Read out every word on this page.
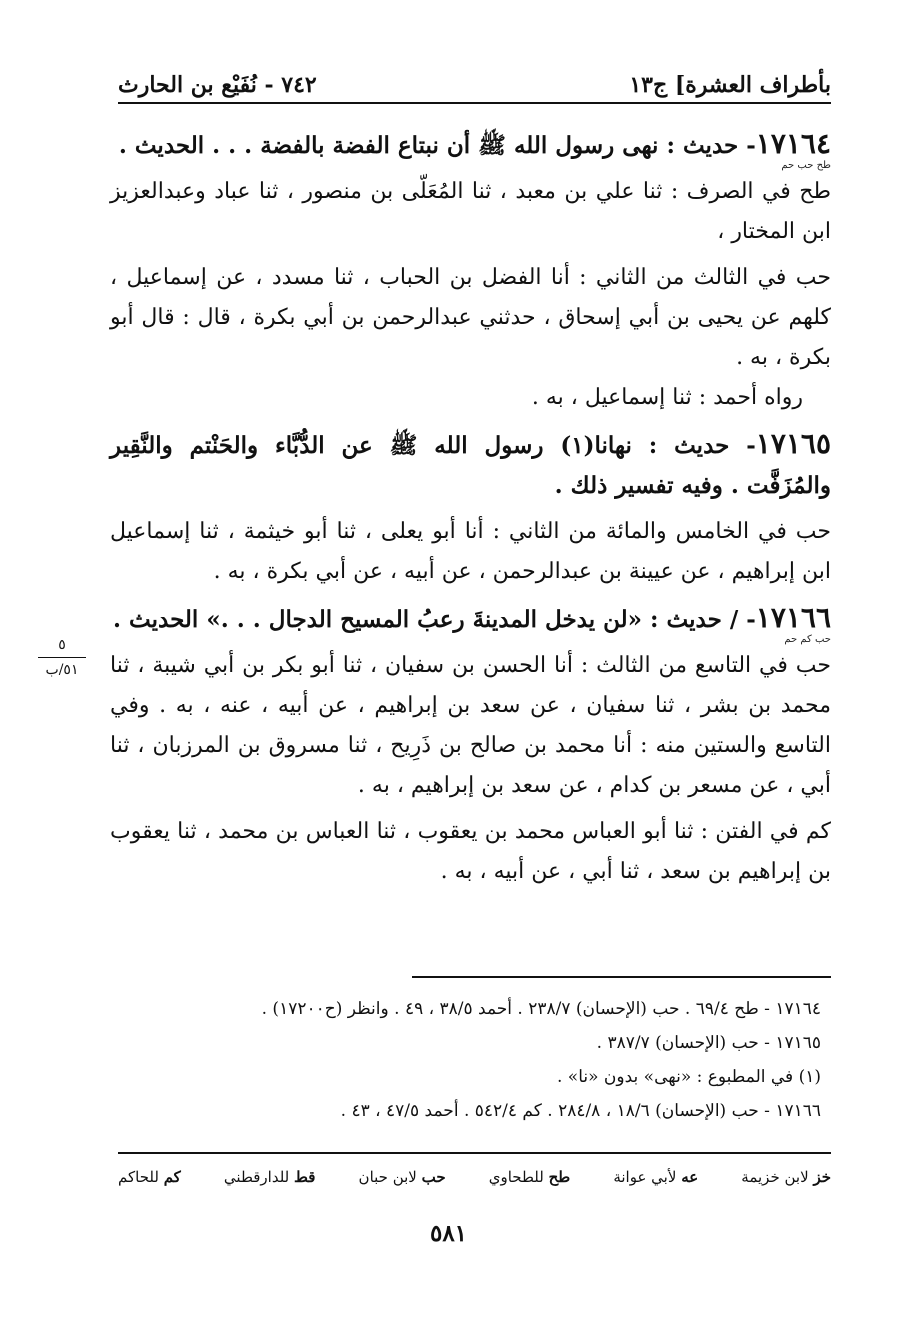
بأطراف العشرة] ج١٣
٧٤٢ - نُفَيْع بن الحارث
١٧١٦٤- حديث : نهى رسول الله ﷺ أن نبتاع الفضة بالفضة . . . الحديث .
طح حب حم

طح في الصرف : ثنا علي بن معبد ، ثنا المُعَلّى بن منصور ، ثنا عباد وعبدالعزيز ابن المختار ،

حب في الثالث من الثاني : أنا الفضل بن الحباب ، ثنا مسدد ، عن إسماعيل ، كلهم عن يحيى بن أبي إسحاق ، حدثني عبدالرحمن بن أبي بكرة ، قال : قال أبو بكرة ، به .

رواه أحمد : ثنا إسماعيل ، به .

١٧١٦٥- حديث : نهانا(١) رسول الله ﷺ عن الدُّبَّاء والحَنْتم والنَّقِير والمُزَفَّت . وفيه تفسير ذلك .

حب في الخامس والمائة من الثاني : أنا أبو يعلى ، ثنا أبو خيثمة ، ثنا إسماعيل ابن إبراهيم ، عن عيينة بن عبدالرحمن ، عن أبيه ، عن أبي بكرة ، به .

١٧١٦٦- / حديث : «لن يدخل المدينةَ رعبُ المسيح الدجال . . .» الحديث .
حب كم حم

حب في التاسع من الثالث : أنا الحسن بن سفيان ، ثنا أبو بكر بن أبي شيبة ، ثنا محمد بن بشر ، ثنا سفيان ، عن سعد بن إبراهيم ، عن أبيه ، عنه ، به . وفي التاسع والستين منه : أنا محمد بن صالح بن ذَرِيح ، ثنا مسروق بن المرزبان ، ثنا أبي ، عن مسعر بن كدام ، عن سعد بن إبراهيم ، به .

كم في الفتن : ثنا أبو العباس محمد بن يعقوب ، ثنا العباس بن محمد ، ثنا يعقوب بن إبراهيم بن سعد ، ثنا أبي ، عن أبيه ، به .

٥
٥١/ب

١٧١٦٤ - طح ٦٩/٤ . حب (الإحسان) ٢٣٨/٧ . أحمد ٣٨/٥ ، ٤٩ . وانظر (ح١٧٢٠٠) .

١٧١٦٥ - حب (الإحسان) ٣٨٧/٧ .

(١) في المطبوع : «نهى» بدون «نا» .

١٧١٦٦ - حب (الإحسان) ١٨/٦ ، ٢٨٤/٨ . كم ٥٤٢/٤ . أحمد ٤٧/٥ ، ٤٣ .

خز لابن خزيمة
عه لأبي عوانة
طح للطحاوي
حب لابن حبان
قط للدارقطني
كم للحاكم
٥٨١
